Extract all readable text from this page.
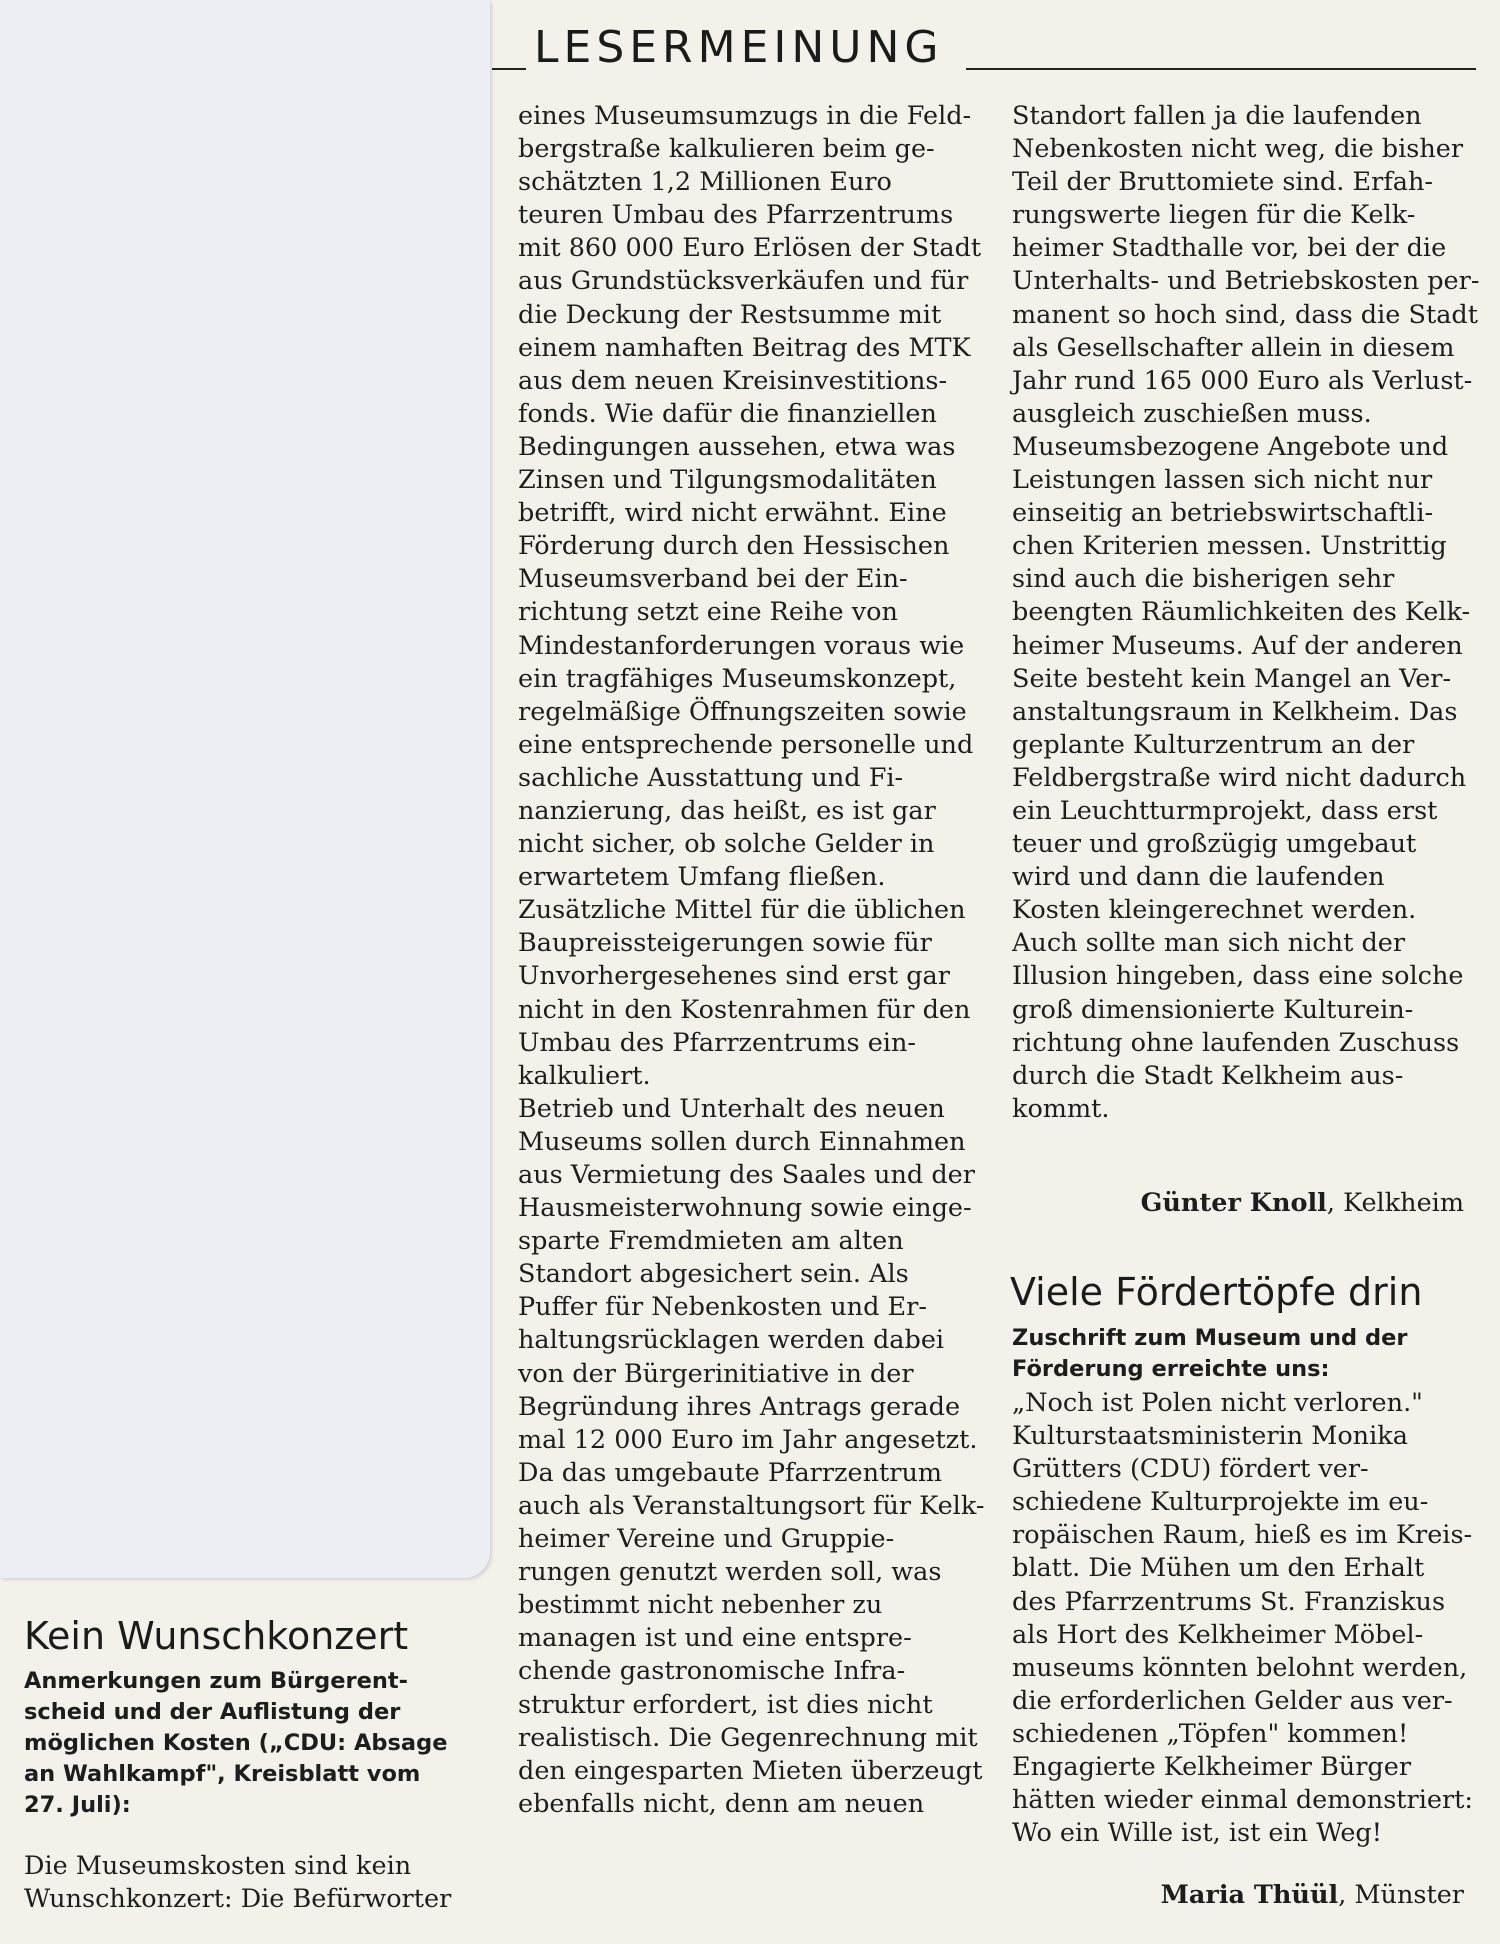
LESERMEINUNG
Kein Wunschkonzert
Anmerkungen zum Bürgerent-
scheid und der Auflistung der
möglichen Kosten („CDU: Absage
an Wahlkampf", Kreisblatt vom
27. Juli):
Die Museumskosten sind kein
Wunschkonzert: Die Befürworter
eines Museumsumzugs in die Feld-
bergstraße kalkulieren beim ge-
schätzten 1,2 Millionen Euro
teuren Umbau des Pfarrzentrums
mit 860 000 Euro Erlösen der Stadt
aus Grundstücksverkäufen und für
die Deckung der Restsumme mit
einem namhaften Beitrag des MTK
aus dem neuen Kreisinvestitions-
fonds. Wie dafür die finanziellen
Bedingungen aussehen, etwa was
Zinsen und Tilgungsmodalitäten
betrifft, wird nicht erwähnt. Eine
Förderung durch den Hessischen
Museumsverband bei der Ein-
richtung setzt eine Reihe von
Mindestanforderungen voraus wie
ein tragfähiges Museumskonzept,
regelmäßige Öffnungszeiten sowie
eine entsprechende personelle und
sachliche Ausstattung und Fi-
nanzierung, das heißt, es ist gar
nicht sicher, ob solche Gelder in
erwartetem Umfang fließen.
Zusätzliche Mittel für die üblichen
Baupreissteigerungen sowie für
Unvorhergesehenes sind erst gar
nicht in den Kostenrahmen für den
Umbau des Pfarrzentrums ein-
kalkuliert.
Betrieb und Unterhalt des neuen
Museums sollen durch Einnahmen
aus Vermietung des Saales und der
Hausmeisterwohnung sowie einge-
sparte Fremdmieten am alten
Standort abgesichert sein. Als
Puffer für Nebenkosten und Er-
haltungsrücklagen werden dabei
von der Bürgerinitiative in der
Begründung ihres Antrags gerade
mal 12 000 Euro im Jahr angesetzt.
Da das umgebaute Pfarrzentrum
auch als Veranstaltungsort für Kelk-
heimer Vereine und Gruppie-
rungen genutzt werden soll, was
bestimmt nicht nebenher zu
managen ist und eine entspre-
chende gastronomische Infra-
struktur erfordert, ist dies nicht
realistisch. Die Gegenrechnung mit
den eingesparten Mieten überzeugt
ebenfalls nicht, denn am neuen
Standort fallen ja die laufenden
Nebenkosten nicht weg, die bisher
Teil der Bruttomiete sind. Erfah-
rungswerte liegen für die Kelk-
heimer Stadthalle vor, bei der die
Unterhalts- und Betriebskosten per-
manent so hoch sind, dass die Stadt
als Gesellschafter allein in diesem
Jahr rund 165 000 Euro als Verlust-
ausgleich zuschießen muss.
Museumsbezogene Angebote und
Leistungen lassen sich nicht nur
einseitig an betriebswirtschaftli-
chen Kriterien messen. Unstrittig
sind auch die bisherigen sehr
beengten Räumlichkeiten des Kelk-
heimer Museums. Auf der anderen
Seite besteht kein Mangel an Ver-
anstaltungsraum in Kelkheim. Das
geplante Kulturzentrum an der
Feldbergstraße wird nicht dadurch
ein Leuchtturmprojekt, dass erst
teuer und großzügig umgebaut
wird und dann die laufenden
Kosten kleingerechnet werden.
Auch sollte man sich nicht der
Illusion hingeben, dass eine solche
groß dimensionierte Kulturein-
richtung ohne laufenden Zuschuss
durch die Stadt Kelkheim aus-
kommt.
Günter Knoll, Kelkheim
Viele Fördertöpfe drin
Zuschrift zum Museum und der
Förderung erreichte uns:
„Noch ist Polen nicht verloren."
Kulturstaatsministerin Monika
Grütters (CDU) fördert ver-
schiedene Kulturprojekte im eu-
ropäischen Raum, hieß es im Kreis-
blatt. Die Mühen um den Erhalt
des Pfarrzentrums St. Franziskus
als Hort des Kelkheimer Möbel-
museums könnten belohnt werden,
die erforderlichen Gelder aus ver-
schiedenen „Töpfen" kommen!
Engagierte Kelkheimer Bürger
hätten wieder einmal demonstriert:
Wo ein Wille ist, ist ein Weg!
Maria Thüül, Münster
